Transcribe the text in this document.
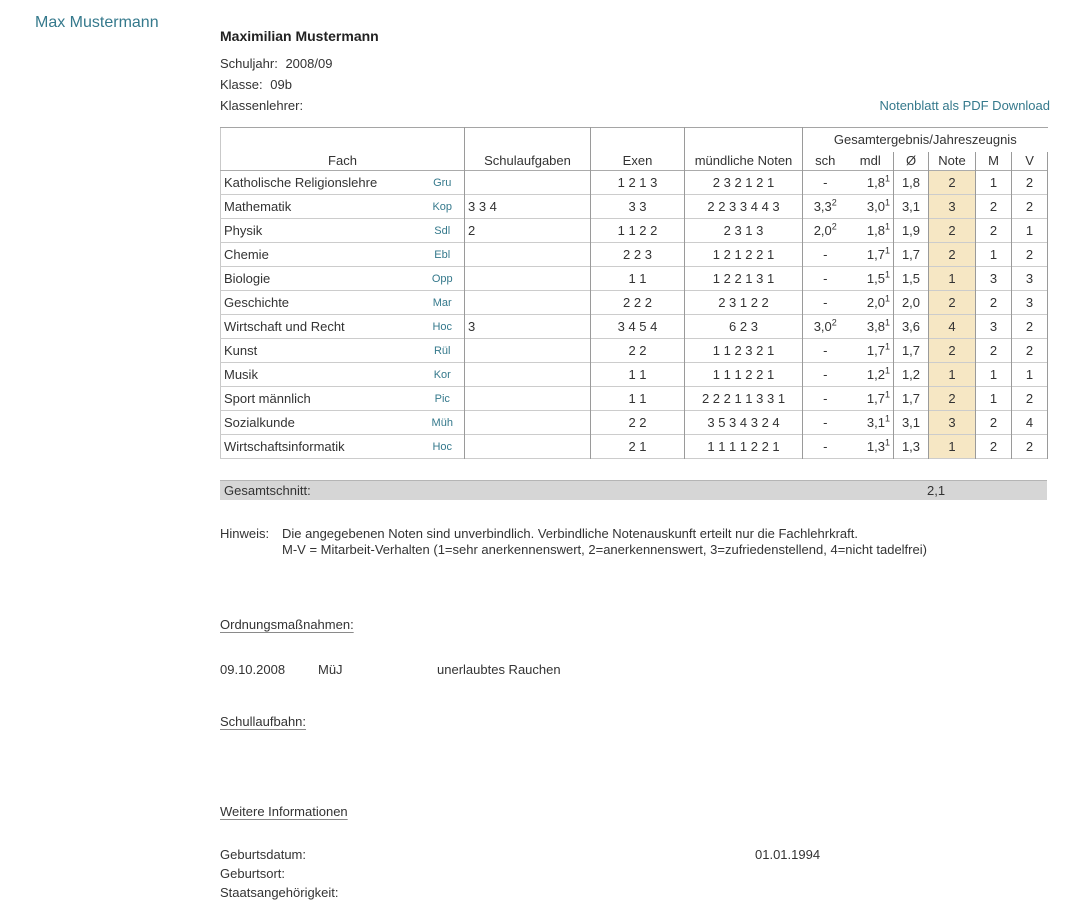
Max Mustermann
Maximilian Mustermann
Schuljahr: 2008/09
Klasse: 09b
Klassenlehrer:	Notenblatt als PDF Download
Fach		Schulaufgaben	Exen	mündliche Noten	Gesamtergebnis/Jahreszeugnis					
					sch	mdl	Ø	Note	M	V
Katholische Religionslehre	Gru		1 2 1 3	2 3 2 1 2 1	-	$1,8^1$	1,8	2	1	2
Mathematik	Kop	3 3 4	3 3	2 2 3 3 4 4 3	$3,3^2$	$3,0^1$	3,1	3	2	2
Physik	Sdl	2	1 1 2 2	2 3 1 3	$2,0^2$	$1,8^1$	1,9	2	2	1
Chemie	Ebl		2 2 3	1 2 1 2 2 1	-	$1,7^1$	1,7	2	1	2
Biologie	Opp		1 1	1 2 2 1 3 1	-	$1,5^1$	1,5	1	3	3
Geschichte	Mar		2 2 2	2 3 1 2 2	-	$2,0^1$	2,0	2	2	3
Wirtschaft und Recht	Hoc	3	3 4 5 4	6 2 3	$3,0^2$	$3,8^1$	3,6	4	3	2
Kunst	Rül		2 2	1 1 2 3 2 1	-	$1,7^1$	1,7	2	2	2
Musik	Kor		1 1	1 1 1 2 2 1	-	$1,2^1$	1,2	1	1	1
Sport männlich	Pic		1 1	2 2 2 1 1 3 3 1	-	$1,7^1$	1,7	2	1	2
Sozialkunde	Müh		2 2	3 5 3 4 3 2 4	-	$3,1^1$	3,1	3	2	4
Wirtschaftsinformatik	Hoc		2 1	1 1 1 1 2 2 1	-	$1,3^1$	1,3	1	2	2
Gesamtschnitt:	2,1
Hinweis: Die angegebenen Noten sind unverbindlich. Verbindliche Notenauskunft erteilt nur die Fachlehrkraft.
M-V = Mitarbeit-Verhalten (1=sehr anerkennenswert, 2=anerkennenswert, 3=zufriedenstellend, 4=nicht tadelfrei)
Ordnungsmaßnahmen:
09.10.2008	MüJ	unerlaubtes Rauchen
Schullaufbahn:
Weitere Informationen
Geburtsdatum:	01.01.1994
Geburtsort:
Staatsangehörigkeit:
